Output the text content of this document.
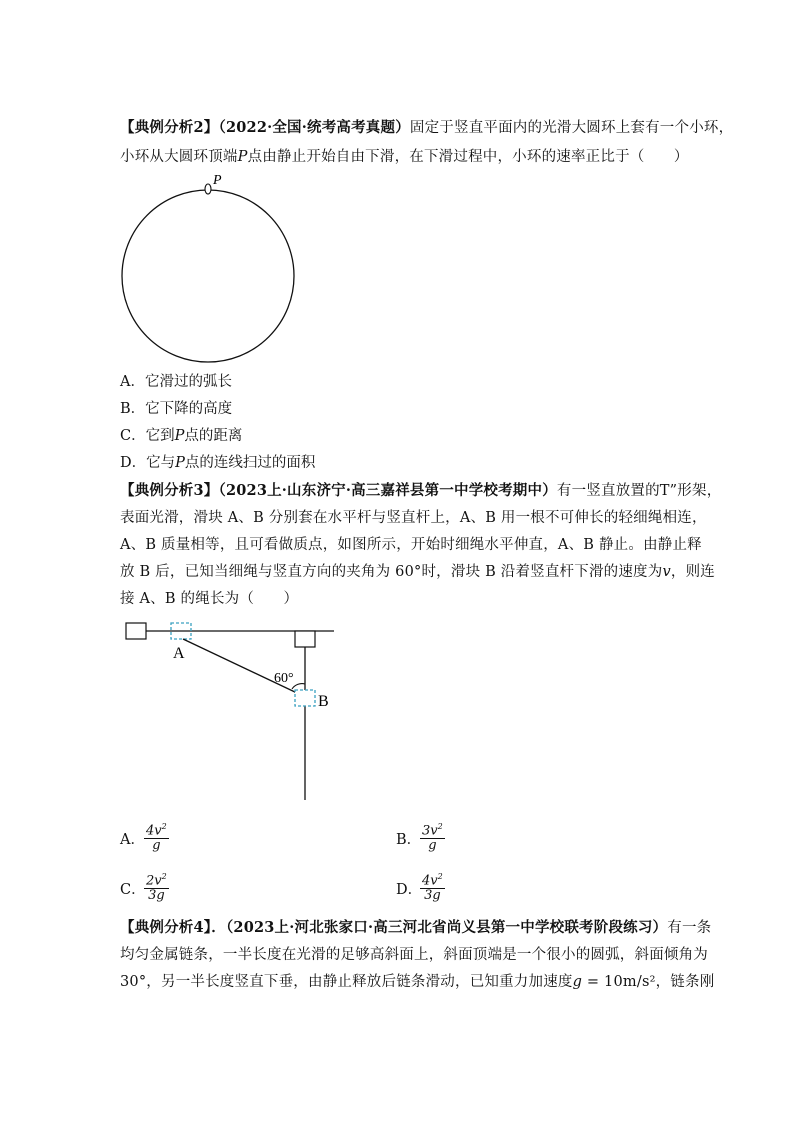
【典例分析2】（2022·全国·统考高考真题）固定于竖直平面内的光滑大圆环上套有一个小环，
小环从大圆环顶端P点由静止开始自由下滑，在下滑过程中，小环的速率正比于（　　）
P
A．它滑过的弧长
B．它下降的高度
C．它到P点的距离
D．它与P点的连线扫过的面积
【典例分析3】（2023上·山东济宁·高三嘉祥县第一中学校考期中）有一竖直放置的T”形架，
表面光滑，滑块 A、B 分别套在水平杆与竖直杆上，A、B 用一根不可伸长的轻细绳相连，
A、B 质量相等，且可看做质点，如图所示，开始时细绳水平伸直，A、B 静止。由静止释
放 B 后，已知当细绳与竖直方向的夹角为 60°时，滑块 B 沿着竖直杆下滑的速度为v，则连
接 A、B 的绳长为（　　）
A
B
60°
A． $\frac{4v^2}{g}$	B．
$\frac{3v^2}{g}$
C．
$\frac{2v^2}{3g}$	D．
$\frac{4v^2}{3g}$
【典例分析4】．（2023上·河北张家口·高三河北省尚义县第一中学校联考阶段练习）有一条
均匀金属链条，一半长度在光滑的足够高斜面上，斜面顶端是一个很小的圆弧，斜面倾角为
30°，另一半长度竖直下垂，由静止释放后链条滑动，已知重力加速度g = 10m/s²，链条刚
